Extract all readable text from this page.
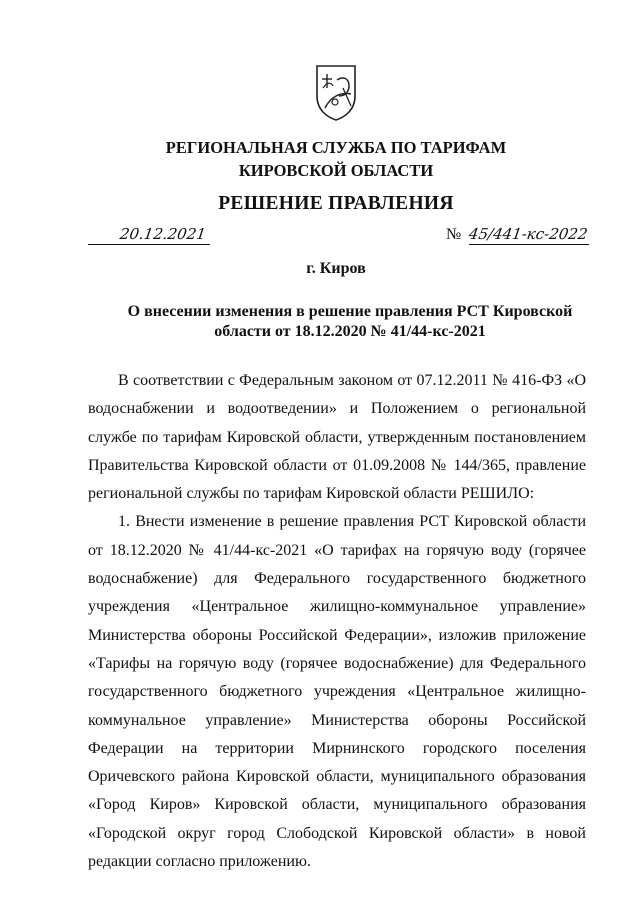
РЕГИОНАЛЬНАЯ СЛУЖБА ПО ТАРИФАМ
КИРОВСКОЙ ОБЛАСТИ
РЕШЕНИЕ ПРАВЛЕНИЯ
20.12.2021	№ 45/441-кс-2022
г. Киров
О внесении изменения в решение правления РСТ Кировской
области от 18.12.2020 № 41/44-кс-2021

В соответствии с Федеральным законом от 07.12.2011 № 416-ФЗ «О водоснабжении и водоотведении» и Положением о региональной службе по тарифам Кировской области, утвержденным постановлением Правительства Кировской области от 01.09.2008 № 144/365, правление региональной службы по тарифам Кировской области РЕШИЛО:

1. Внести изменение в решение правления РСТ Кировской области от 18.12.2020 № 41/44-кс-2021 «О тарифах на горячую воду (горячее водоснабжение) для Федерального государственного бюджетного учреждения «Центральное жилищно-коммунальное управление» Министерства обороны Российской Федерации», изложив приложение «Тарифы на горячую воду (горячее водоснабжение) для Федерального государственного бюджетного учреждения «Центральное жилищно-коммунальное управление» Министерства обороны Российской Федерации на территории Мирнинского городского поселения Оричевского района Кировской области, муниципального образования «Город Киров» Кировской области, муниципального образования «Городской округ город Слободской Кировской области» в новой редакции согласно приложению.
